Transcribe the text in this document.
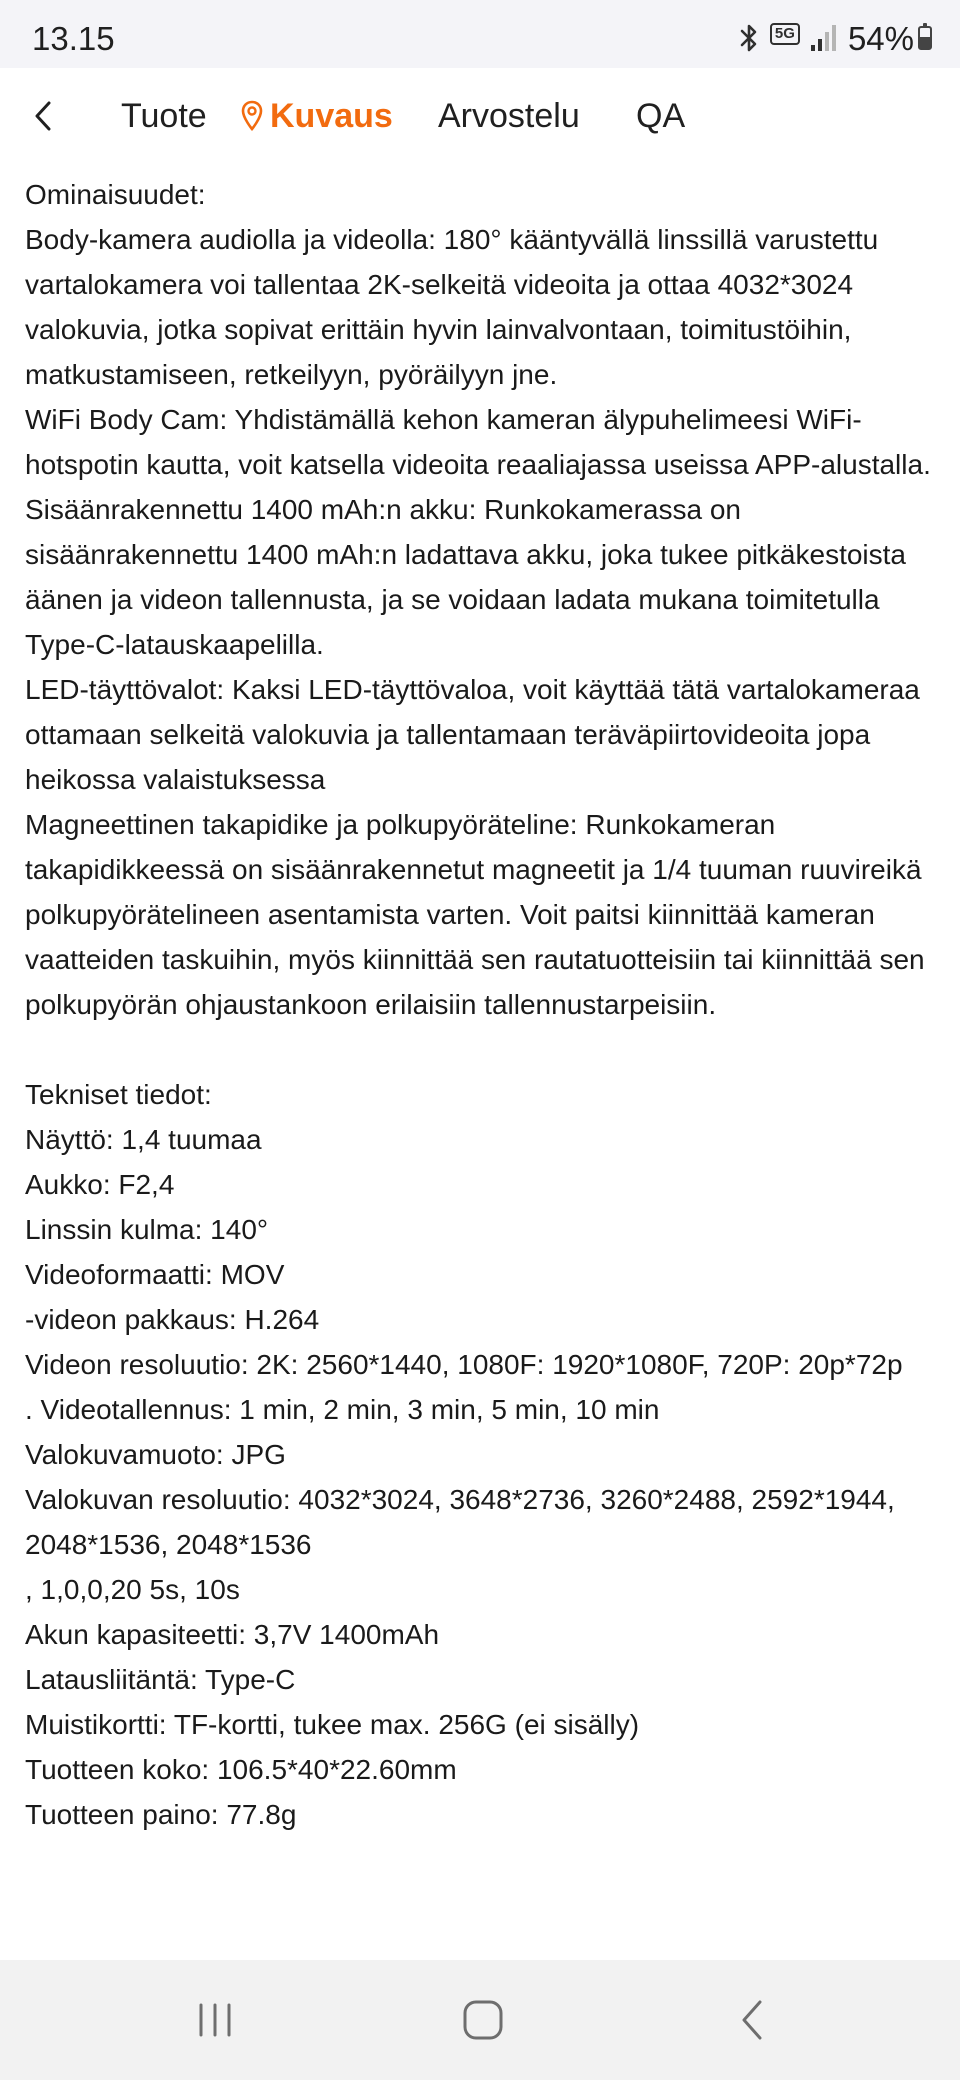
13.15	5G 54%
Tuote Kuvaus Arvostelu QA

Ominaisuudet:

Body-kamera audiolla ja videolla: 180° kääntyvällä linssillä varustettu vartalokamera voi tallentaa 2K-selkeitä videoita ja ottaa 4032*3024 valokuvia, jotka sopivat erittäin hyvin lainvalvontaan, toimitustöihin, matkustamiseen, retkeilyyn, pyöräilyyn jne.

WiFi Body Cam: Yhdistämällä kehon kameran älypuhelimeesi WiFi-hotspotin kautta, voit katsella videoita reaaliajassa useissa APP-alustalla.

Sisäänrakennettu 1400 mAh:n akku: Runkokamerassa on sisäänrakennettu 1400 mAh:n ladattava akku, joka tukee pitkäkestoista äänen ja videon tallennusta, ja se voidaan ladata mukana toimitetulla Type-C-latauskaapelilla.

LED-täyttövalot: Kaksi LED-täyttövaloa, voit käyttää tätä vartalokameraa ottamaan selkeitä valokuvia ja tallentamaan teräväpiirtovideoita jopa heikossa valaistuksessa

Magneettinen takapidike ja polkupyöräteline: Runkokameran takapidikkeessä on sisäänrakennetut magneetit ja 1/4 tuuman ruuvireikä polkupyörätelineen asentamista varten. Voit paitsi kiinnittää kameran vaatteiden taskuihin, myös kiinnittää sen rautatuotteisiin tai kiinnittää sen polkupyörän ohjaustankoon erilaisiin tallennustarpeisiin.

Tekniset tiedot:

Näyttö: 1,4 tuumaa

Aukko: F2,4

Linssin kulma: 140°

Videoformaatti: MOV

-videon pakkaus: H.264

Videon resoluutio: 2K: 2560*1440, 1080F: 1920*1080F, 720P: 20p*72p

. Videotallennus: 1 min, 2 min, 3 min, 5 min, 10 min

Valokuvamuoto: JPG

Valokuvan resoluutio: 4032*3024, 3648*2736, 3260*2488, 2592*1944, 2048*1536, 2048*1536

, 1,0,0,20 5s, 10s

Akun kapasiteetti: 3,7V 1400mAh

Latausliitäntä: Type-C

Muistikortti: TF-kortti, tukee max. 256G (ei sisälly)

Tuotteen koko: 106.5*40*22.60mm

Tuotteen paino: 77.8g
